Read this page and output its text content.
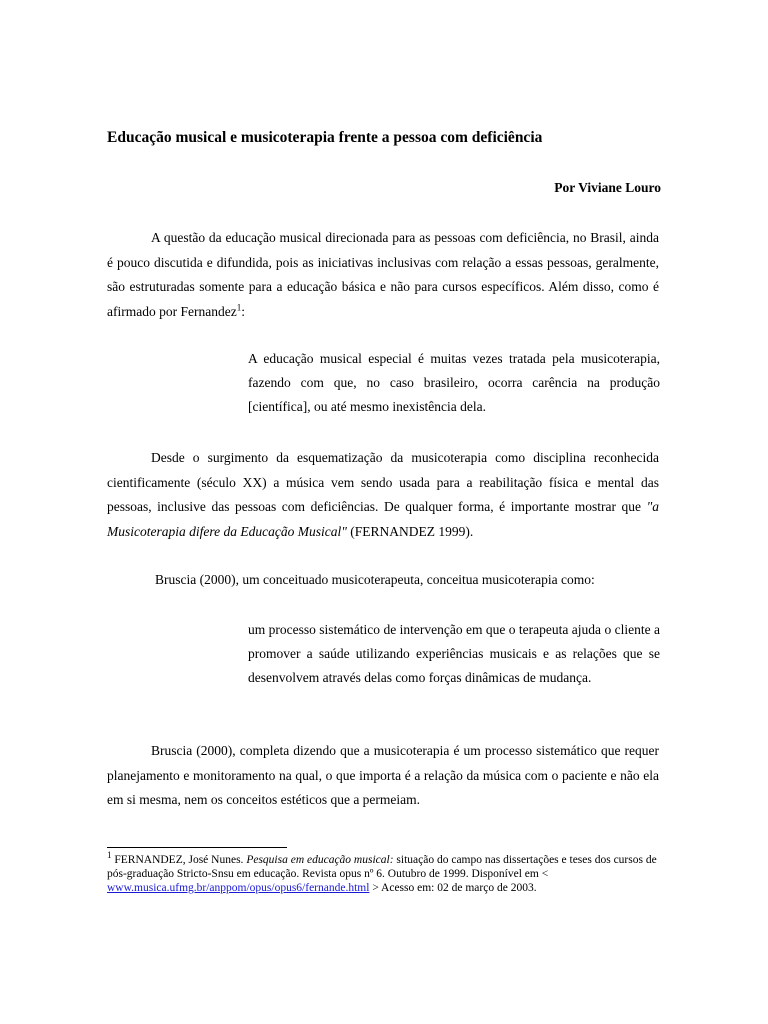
Educação musical e musicoterapia frente a pessoa com deficiência
Por Viviane Louro
A questão da educação musical direcionada para as pessoas com deficiência, no Brasil, ainda é pouco discutida e difundida, pois as iniciativas inclusivas com relação a essas pessoas, geralmente, são estruturadas somente para a educação básica e não para cursos específicos. Além disso, como é afirmado por Fernandez$^1$:
A educação musical especial é muitas vezes tratada pela musicoterapia, fazendo com que, no caso brasileiro, ocorra carência na produção [científica], ou até mesmo inexistência dela.
Desde o surgimento da esquematização da musicoterapia como disciplina reconhecida cientificamente (século XX) a música vem sendo usada para a reabilitação física e mental das pessoas, inclusive das pessoas com deficiências. De qualquer forma, é importante mostrar que "a Musicoterapia difere da Educação Musical" (FERNANDEZ 1999).
Bruscia (2000), um conceituado musicoterapeuta, conceitua musicoterapia como:
um processo sistemático de intervenção em que o terapeuta ajuda o cliente a promover a saúde utilizando experiências musicais e as relações que se desenvolvem através delas como forças dinâmicas de mudança.
Bruscia (2000), completa dizendo que a musicoterapia é um processo sistemático que requer planejamento e monitoramento na qual, o que importa é a relação da música com o paciente e não ela em si mesma, nem os conceitos estéticos que a permeiam.
$^1$ FERNANDEZ, José Nunes. Pesquisa em educação musical: situação do campo nas dissertações e teses dos cursos de pós-graduação Stricto-Snsu em educação. Revista opus nº 6. Outubro de 1999. Disponível em < www.musica.ufmg.br/anppom/opus/opus6/fernande.html > Acesso em: 02 de março de 2003.
